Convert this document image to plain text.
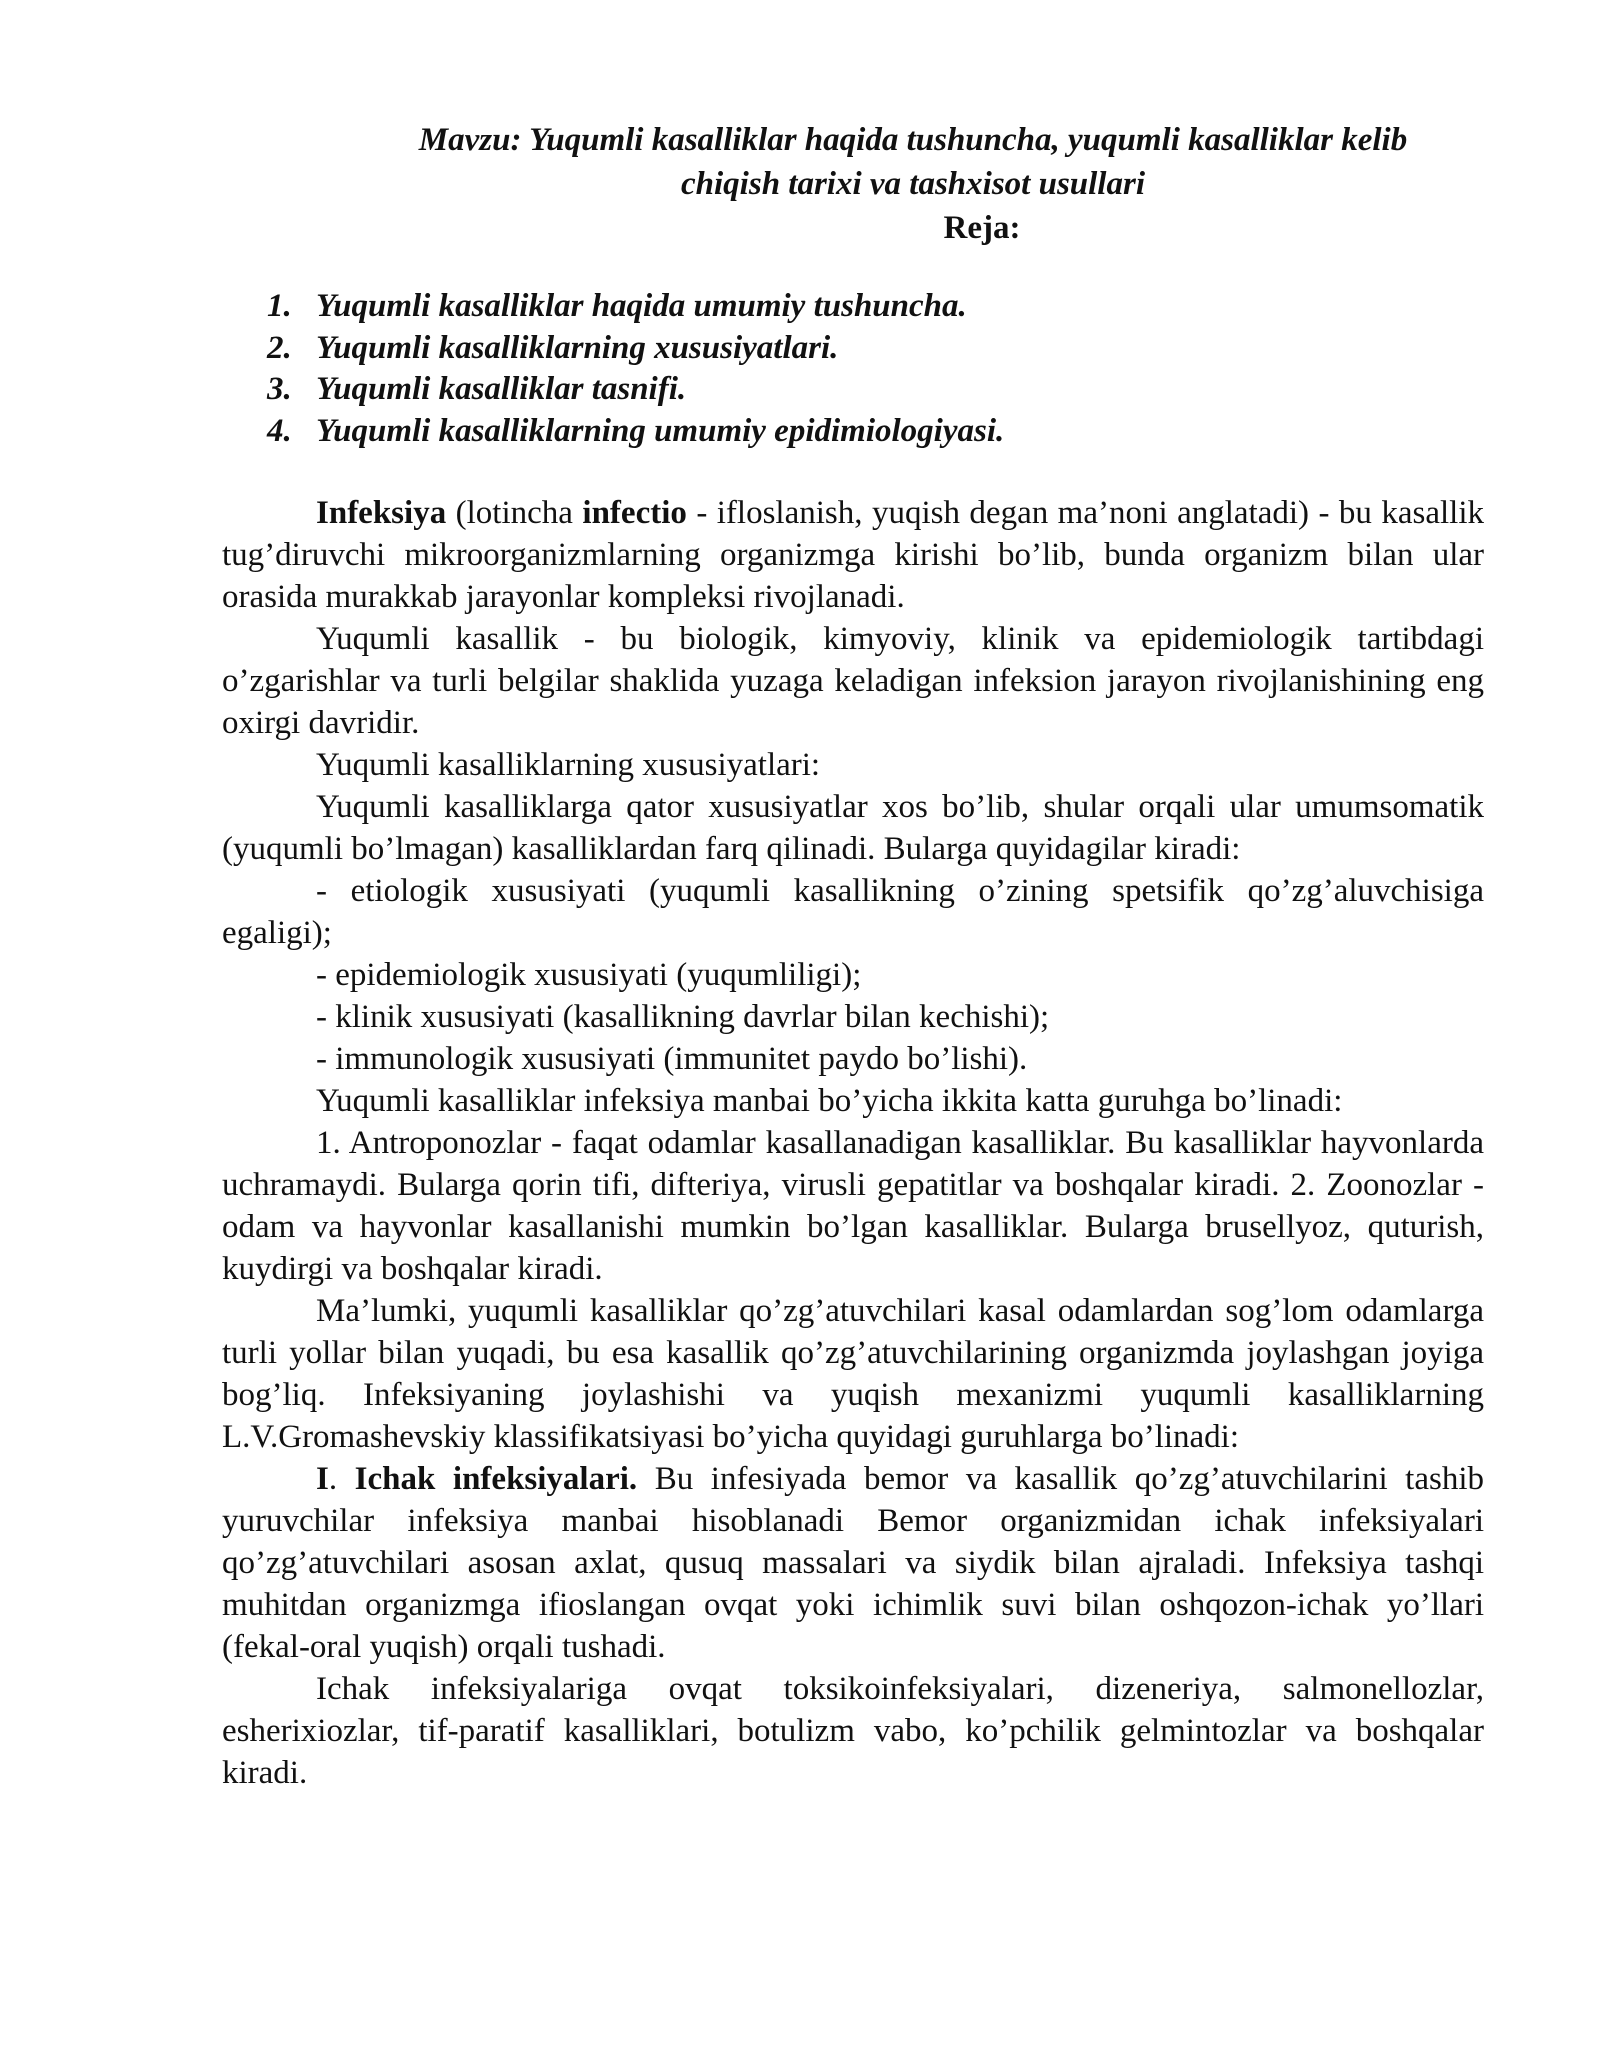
Mavzu: Yuqumli kasalliklar haqida tushuncha, yuqumli kasalliklar kelib
chiqish tarixi va tashxisot usullari
Reja:
1. Yuqumli kasalliklar haqida umumiy tushuncha.
2. Yuqumli kasalliklarning xususiyatlari.
3. Yuqumli kasalliklar tasnifi.
4. Yuqumli kasalliklarning umumiy epidimiologiyasi.

Infeksiya (lotincha infectio - ifloslanish, yuqish degan ma’noni anglatadi) - bu kasallik tug’diruvchi mikroorganizmlarning organizmga kirishi bo’lib, bunda organizm bilan ular orasida murakkab jarayonlar kompleksi rivojlanadi.

Yuqumli kasallik - bu biologik, kimyoviy, klinik va epidemiologik tartibdagi o’zgarishlar va turli belgilar shaklida yuzaga keladigan infeksion jarayon rivojlanishining eng oxirgi davridir.

Yuqumli kasalliklarning xususiyatlari:

Yuqumli kasalliklarga qator xususiyatlar xos bo’lib, shular orqali ular umumsomatik (yuqumli bo’lmagan) kasalliklardan farq qilinadi. Bularga quyidagilar kiradi:

- etiologik xususiyati (yuqumli kasallikning o’zining spetsifik qo’zg’aluvchisiga egaligi);

- epidemiologik xususiyati (yuqumliligi);

- klinik xususiyati (kasallikning davrlar bilan kechishi);

- immunologik xususiyati (immunitet paydo bo’lishi).

Yuqumli kasalliklar infeksiya manbai bo’yicha ikkita katta guruhga bo’linadi:

1. Antroponozlar - faqat odamlar kasallanadigan kasalliklar. Bu kasalliklar hayvonlarda uchramaydi. Bularga qorin tifi, difteriya, virusli gepatitlar va boshqalar kiradi. 2. Zoonozlar - odam va hayvonlar kasallanishi mumkin bo’lgan kasalliklar. Bularga brusellyoz, quturish, kuydirgi va boshqalar kiradi.

Ma’lumki, yuqumli kasalliklar qo’zg’atuvchilari kasal odamlardan sog’lom odamlarga turli yollar bilan yuqadi, bu esa kasallik qo’zg’atuvchilarining organizmda joylashgan joyiga bog’liq. Infeksiyaning joylashishi va yuqish mexanizmi yuqumli kasalliklarning L.V.Gromashevskiy klassifikatsiyasi bo’yicha quyidagi guruhlarga bo’linadi:

I. Ichak infeksiyalari. Bu infesiyada bemor va kasallik qo’zg’atuvchilarini tashib yuruvchilar infeksiya manbai hisoblanadi Bemor organizmidan ichak infeksiyalari qo’zg’atuvchilari asosan axlat, qusuq massalari va siydik bilan ajraladi. Infeksiya tashqi muhitdan organizmga ifioslangan ovqat yoki ichimlik suvi bilan oshqozon-ichak yo’llari (fekal-oral yuqish) orqali tushadi.

Ichak infeksiyalariga ovqat toksikoinfeksiyalari, dizeneriya, salmonellozlar, esherixiozlar, tif-paratif kasalliklari, botulizm vabo, ko’pchilik gelmintozlar va boshqalar kiradi.
